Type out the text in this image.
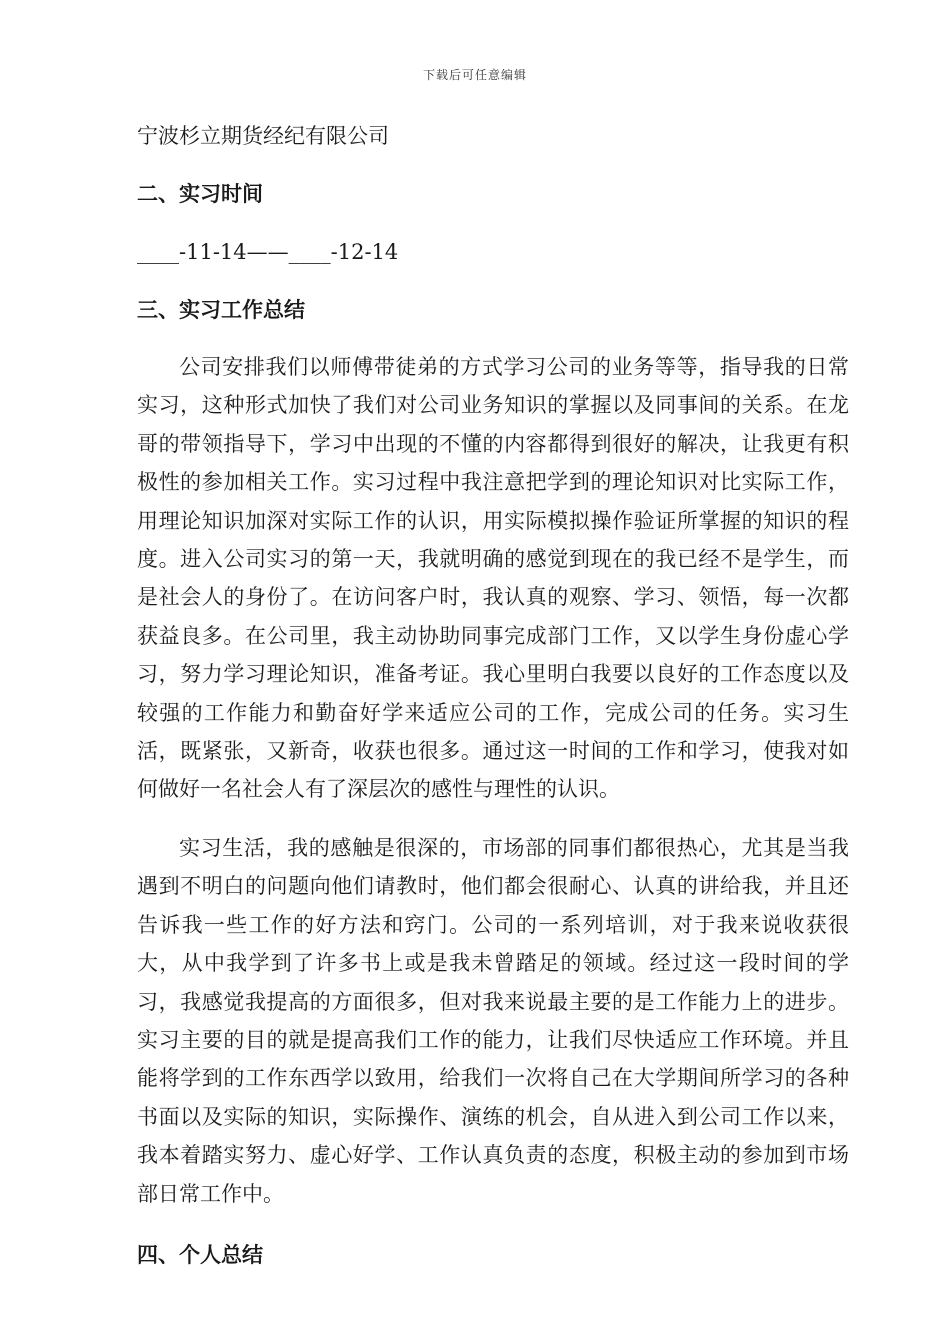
下载后可任意编辑

宁波杉立期货经纪有限公司

二、实习时间

____-11-14——____-12-14

三、实习工作总结

公司安排我们以师傅带徒弟的方式学习公司的业务等等，指导我的日常实习，这种形式加快了我们对公司业务知识的掌握以及同事间的关系。在龙哥的带领指导下，学习中出现的不懂的内容都得到很好的解决，让我更有积极性的参加相关工作。实习过程中我注意把学到的理论知识对比实际工作，用理论知识加深对实际工作的认识，用实际模拟操作验证所掌握的知识的程度。进入公司实习的第一天，我就明确的感觉到现在的我已经不是学生，而是社会人的身份了。在访问客户时，我认真的观察、学习、领悟，每一次都获益良多。在公司里，我主动协助同事完成部门工作，又以学生身份虚心学习，努力学习理论知识，准备考证。我心里明白我要以良好的工作态度以及较强的工作能力和勤奋好学来适应公司的工作，完成公司的任务。实习生活，既紧张，又新奇，收获也很多。通过这一时间的工作和学习，使我对如何做好一名社会人有了深层次的感性与理性的认识。

实习生活，我的感触是很深的，市场部的同事们都很热心，尤其是当我遇到不明白的问题向他们请教时，他们都会很耐心、认真的讲给我，并且还告诉我一些工作的好方法和窍门。公司的一系列培训，对于我来说收获很大，从中我学到了许多书上或是我未曾踏足的领域。经过这一段时间的学习，我感觉我提高的方面很多，但对我来说最主要的是工作能力上的进步。实习主要的目的就是提高我们工作的能力，让我们尽快适应工作环境。并且能将学到的工作东西学以致用，给我们一次将自己在大学期间所学习的各种书面以及实际的知识，实际操作、演练的机会，自从进入到公司工作以来，我本着踏实努力、虚心好学、工作认真负责的态度，积极主动的参加到市场部日常工作中。

四、个人总结
